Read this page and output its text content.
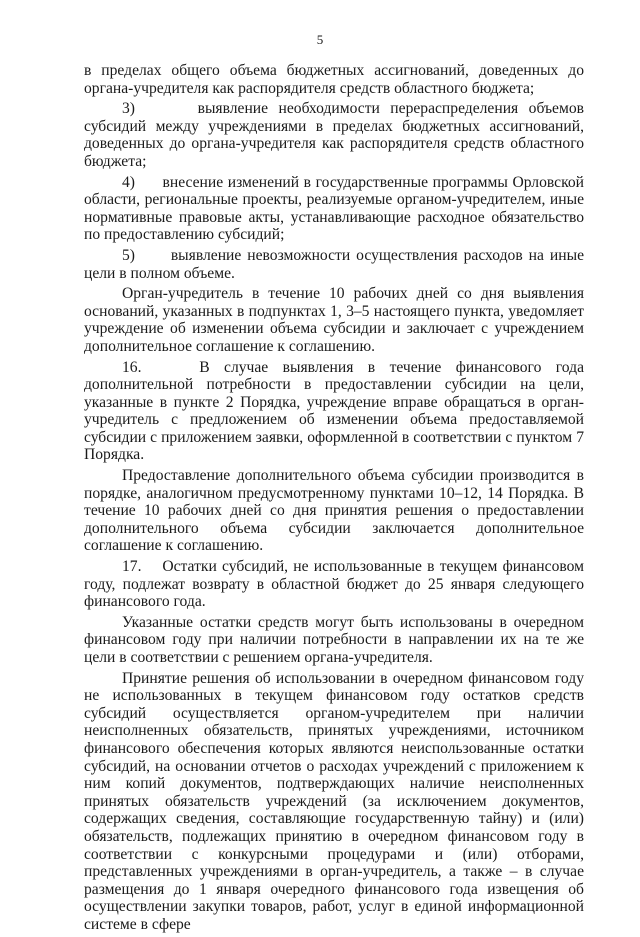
5

в пределах общего объема бюджетных ассигнований, доведенных до органа-учредителя как распорядителя средств областного бюджета;

3)      выявление необходимости перераспределения объемов субсидий между учреждениями в пределах бюджетных ассигнований, доведенных до органа-учредителя как распорядителя средств областного бюджета;

4)      внесение изменений в государственные программы Орловской области, региональные проекты, реализуемые органом-учредителем, иные нормативные правовые акты, устанавливающие расходное обязательство по предоставлению субсидий;

5)      выявление невозможности осуществления расходов на иные цели в полном объеме.

Орган-учредитель в течение 10 рабочих дней со дня выявления оснований, указанных в подпунктах 1, 3–5 настоящего пункта, уведомляет учреждение об изменении объема субсидии и заключает с учреждением дополнительное соглашение к соглашению.

16.    В случае выявления в течение финансового года дополнительной потребности в предоставлении субсидии на цели, указанные в пункте 2 Порядка, учреждение вправе обращаться в орган-учредитель с предложением об изменении объема предоставляемой субсидии с приложением заявки, оформленной в соответствии с пунктом 7 Порядка.

Предоставление дополнительного объема субсидии производится в порядке, аналогичном предусмотренному пунктами 10–12, 14 Порядка. В течение 10 рабочих дней со дня принятия решения о предоставлении дополнительного объема субсидии заключается дополнительное соглашение к соглашению.

17.    Остатки субсидий, не использованные в текущем финансовом году, подлежат возврату в областной бюджет до 25 января следующего финансового года.

Указанные остатки средств могут быть использованы в очередном финансовом году при наличии потребности в направлении их на те же цели в соответствии с решением органа-учредителя.

Принятие решения об использовании в очередном финансовом году не использованных в текущем финансовом году остатков средств субсидий осуществляется органом-учредителем при наличии неисполненных обязательств, принятых учреждениями, источником финансового обеспечения которых являются неиспользованные остатки субсидий, на основании отчетов о расходах учреждений с приложением к ним копий документов, подтверждающих наличие неисполненных принятых обязательств учреждений (за исключением документов, содержащих сведения, составляющие государственную тайну) и (или) обязательств, подлежащих принятию в очередном финансовом году в соответствии с конкурсными процедурами и (или) отборами, представленных учреждениями в орган-учредитель, а также – в случае размещения до 1 января очередного финансового года извещения об осуществлении закупки товаров, работ, услуг в единой информационной системе в сфере
